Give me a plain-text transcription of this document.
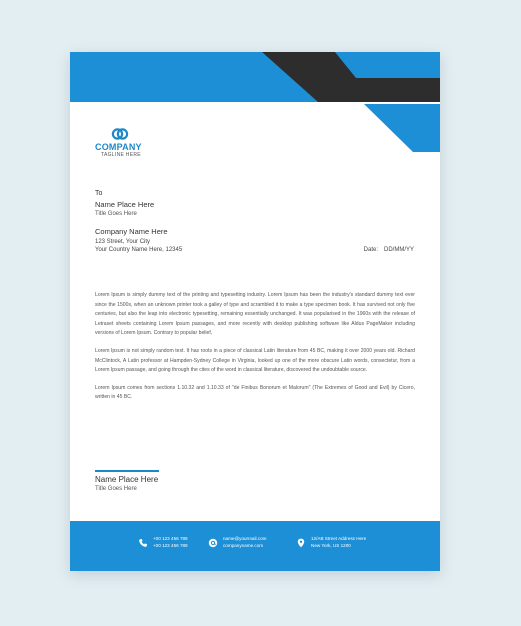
COMPANY
TAGLINE HERE
To
Name Place Here
Title Goes Here
Company Name Here
123 Street, Your City
Your Country Name Here, 12345	Date: DD/MM/YY

Lorem Ipsum is simply dummy text of the printing and typesetting industry. Lorem Ipsum has been the industry's standard dummy text ever since the 1500s, when an unknown printer took a galley of type and scrambled it to make a type specimen book. It has survived not only five centuries, but also the leap into electronic typesetting, remaining essentially unchanged. It was popularised in the 1960s with the release of Letraset sheets containing Lorem Ipsum passages, and more recently with desktop publishing software like Aldus PageMaker including versions of Lorem Ipsum. Contrary to popular belief,

Lorem Ipsum is not simply random text. It has roots in a piece of classical Latin literature from 45 BC, making it over 2000 years old. Richard McClintock, A Latin professor at Hampden-Sydney College in Virginia, looked up one of the more obscure Latin words, consectetur, from a Lorem Ipsum passage, and going through the cites of the word in classical literature, discovered the undoubtable source.

Lorem Ipsum comes from sections 1.10.32 and 1.10.33 of "de Finibus Bonorum et Malorum" (The Extremes of Good and Evil) by Cicero, written in 45 BC.

Name Place Here
Title Goes Here
+00 123 456 789
+00 123 456 789
name@yourmail.com
companyname.com
12/AB Street Address Here
New York, US 1200
